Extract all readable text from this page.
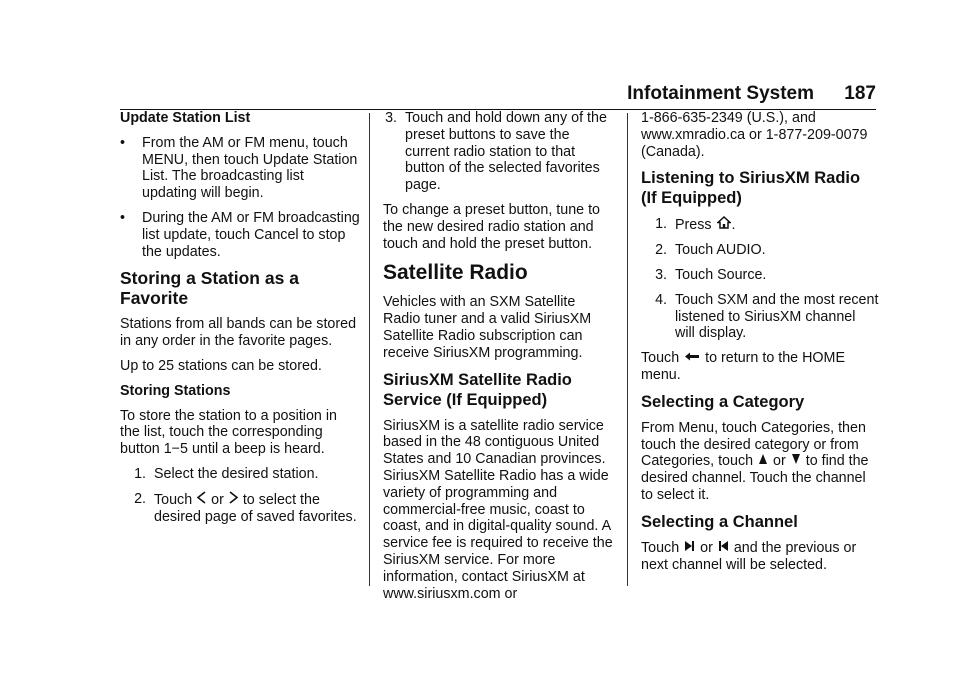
Infotainment System 187
Update Station List
•	From the AM or FM menu, touch MENU, then touch Update Station List. The broadcasting list updating will begin.
•	During the AM or FM broadcasting list update, touch Cancel to stop the updates.
Storing a Station as a Favorite

Stations from all bands can be stored in any order in the favorite pages.

Up to 25 stations can be stored.

Storing Stations

To store the station to a position in the list, touch the corresponding button 1−5 until a beep is heard.

1. Select the desired station.
2. Touch or to select the desired page of saved favorites.
3. Touch and hold down any of the preset buttons to save the current radio station to that button of the selected favorites page.

To change a preset button, tune to the new desired radio station and touch and hold the preset button.

Satellite Radio

Vehicles with an SXM Satellite Radio tuner and a valid SiriusXM Satellite Radio subscription can receive SiriusXM programming.

SiriusXM Satellite Radio Service (If Equipped)

SiriusXM is a satellite radio service based in the 48 contiguous United States and 10 Canadian provinces. SiriusXM Satellite Radio has a wide variety of programming and commercial-free music, coast to coast, and in digital-quality sound. A service fee is required to receive the SiriusXM service. For more information, contact SiriusXM at www.siriusxm.com or

1-866-635-2349 (U.S.), and www.xmradio.ca or 1-877-209-0079 (Canada).

Listening to SiriusXM Radio (If Equipped)
1. Press .
2. Touch AUDIO.
3. Touch Source.
4. Touch SXM and the most recent listened to SiriusXM channel will display.

Touch to return to the HOME menu.

Selecting a Category

From Menu, touch Categories, then touch the desired category or from Categories, touch or to find the desired channel. Touch the channel to select it.

Selecting a Channel

Touch or and the previous or next channel will be selected.
